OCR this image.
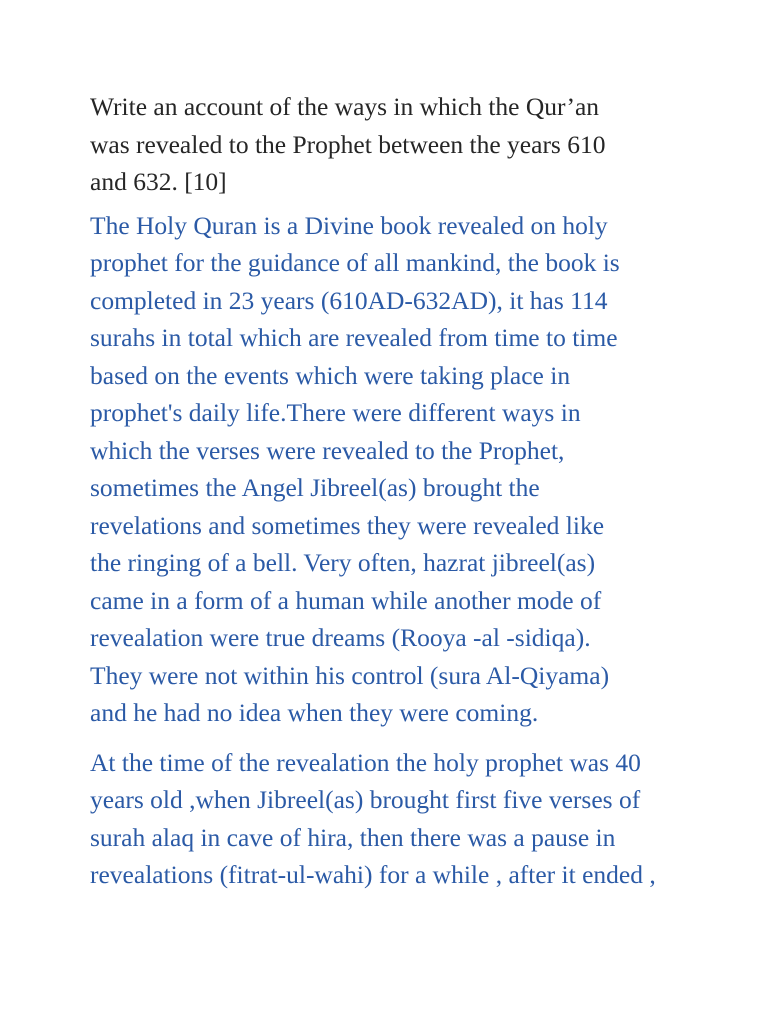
Write an account of the ways in which the Qur’an
was revealed to the Prophet between the years 610
and 632. [10]
The Holy Quran is a Divine book revealed on holy
prophet for the guidance of all mankind, the book is
completed in 23 years (610AD-632AD), it has 114
surahs in total which are revealed from time to time
based on the events which were taking place in
prophet's daily life.There were different ways in
which the verses were revealed to the Prophet,
sometimes the Angel Jibreel(as) brought the
revelations and sometimes they were revealed like
the ringing of a bell. Very often, hazrat jibreel(as)
came in a form of a human while another mode of
revealation were true dreams (Rooya -al -sidiqa).
They were not within his control (sura Al-Qiyama)
and he had no idea when they were coming.
At the time of the revealation the holy prophet was 40
years old ,when Jibreel(as) brought first five verses of
surah alaq in cave of hira, then there was a pause in
revealations (fitrat-ul-wahi) for a while , after it ended ,
